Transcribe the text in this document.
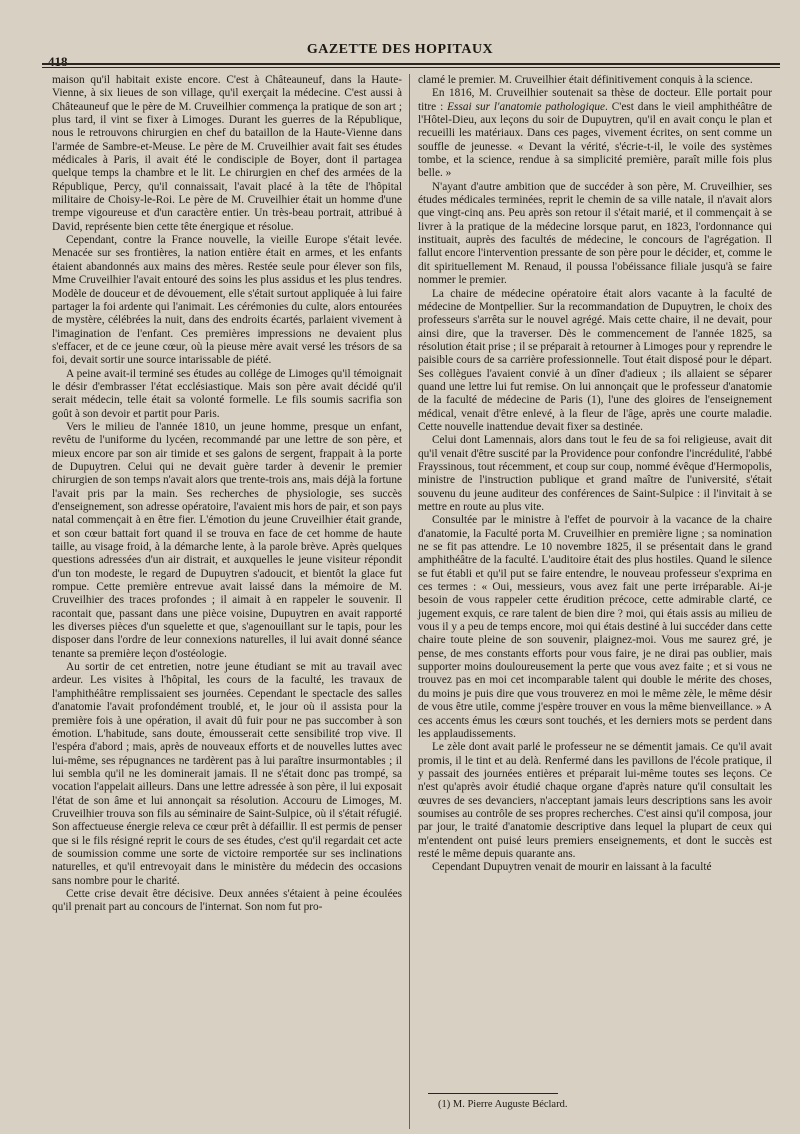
418
GAZETTE DES HOPITAUX

maison qu'il habitait existe encore. C'est à Châteauneuf, dans la Haute-Vienne, à six lieues de son village, qu'il exerçait la médecine. C'est aussi à Châteauneuf que le père de M. Cruveilhier commença la pratique de son art ; plus tard, il vint se fixer à Limoges. Durant les guerres de la République, nous le retrouvons chirurgien en chef du bataillon de la Haute-Vienne dans l'armée de Sambre-et-Meuse. Le père de M. Cruveilhier avait fait ses études médicales à Paris, il avait été le condisciple de Boyer, dont il partagea quelque temps la chambre et le lit. Le chirurgien en chef des armées de la République, Percy, qu'il connaissait, l'avait placé à la tête de l'hôpital militaire de Choisy-le-Roi. Le père de M. Cruveilhier était un homme d'une trempe vigoureuse et d'un caractère entier. Un très-beau portrait, attribué à David, représente bien cette tête énergique et résolue.

Cependant, contre la France nouvelle, la vieille Europe s'était levée. Menacée sur ses frontières, la nation entière était en armes, et les enfants étaient abandonnés aux mains des mères. Restée seule pour élever son fils, Mme Cruveilhier l'avait entouré des soins les plus assidus et les plus tendres. Modèle de douceur et de dévouement, elle s'était surtout appliquée à lui faire partager la foi ardente qui l'animait. Les cérémonies du culte, alors entourées de mystère, célébrées la nuit, dans des endroits écartés, parlaient vivement à l'imagination de l'enfant. Ces premières impressions ne devaient plus s'effacer, et de ce jeune cœur, où la pieuse mère avait versé les trésors de sa foi, devait sortir une source intarissable de piété.

A peine avait-il terminé ses études au collége de Limoges qu'il témoignait le désir d'embrasser l'état ecclésiastique. Mais son père avait décidé qu'il serait médecin, telle était sa volonté formelle. Le fils soumis sacrifia son goût à son devoir et partit pour Paris.

Vers le milieu de l'année 1810, un jeune homme, presque un enfant, revêtu de l'uniforme du lycéen, recommandé par une lettre de son père, et mieux encore par son air timide et ses galons de sergent, frappait à la porte de Dupuytren. Celui qui ne devait guère tarder à devenir le premier chirurgien de son temps n'avait alors que trente-trois ans, mais déjà la fortune l'avait pris par la main. Ses recherches de physiologie, ses succès d'enseignement, son adresse opératoire, l'avaient mis hors de pair, et son pays natal commençait à en être fier. L'émotion du jeune Cruveilhier était grande, et son cœur battait fort quand il se trouva en face de cet homme de haute taille, au visage froid, à la démarche lente, à la parole brève. Après quelques questions adressées d'un air distrait, et auxquelles le jeune visiteur répondit d'un ton modeste, le regard de Dupuytren s'adoucit, et bientôt la glace fut rompue. Cette première entrevue avait laissé dans la mémoire de M. Cruveilhier des traces profondes ; il aimait à en rappeler le souvenir. Il racontait que, passant dans une pièce voisine, Dupuytren en avait rapporté les diverses pièces d'un squelette et que, s'agenouillant sur le tapis, pour les disposer dans l'ordre de leur connexions naturelles, il lui avait donné séance tenante sa première leçon d'ostéologie.

Au sortir de cet entretien, notre jeune étudiant se mit au travail avec ardeur. Les visites à l'hôpital, les cours de la faculté, les travaux de l'amphithéâtre remplissaient ses journées. Cependant le spectacle des salles d'anatomie l'avait profondément troublé, et, le jour où il assista pour la première fois à une opération, il avait dû fuir pour ne pas succomber à son émotion. L'habitude, sans doute, émousserait cette sensibilité trop vive. Il l'espéra d'abord ; mais, après de nouveaux efforts et de nouvelles luttes avec lui-même, ses répugnances ne tardèrent pas à lui paraître insurmontables ; il lui sembla qu'il ne les dominerait jamais. Il ne s'était donc pas trompé, sa vocation l'appelait ailleurs. Dans une lettre adressée à son père, il lui exposait l'état de son âme et lui annonçait sa résolution. Accouru de Limoges, M. Cruveilhier trouva son fils au séminaire de Saint-Sulpice, où il s'était réfugié. Son affectueuse énergie releva ce cœur prêt à défaillir. Il est permis de penser que si le fils résigné reprit le cours de ses études, c'est qu'il regardait cet acte de soumission comme une sorte de victoire remportée sur ses inclinations naturelles, et qu'il entrevoyait dans le ministère du médecin des occasions sans nombre pour le charité.

Cette crise devait être décisive. Deux années s'étaient à peine écoulées qu'il prenait part au concours de l'internat. Son nom fut pro-

clamé le premier. M. Cruveilhier était définitivement conquis à la science.

En 1816, M. Cruveilhier soutenait sa thèse de docteur. Elle portait pour titre : Essai sur l'anatomie pathologique. C'est dans le vieil amphithéâtre de l'Hôtel-Dieu, aux leçons du soir de Dupuytren, qu'il en avait conçu le plan et recueilli les matériaux. Dans ces pages, vivement écrites, on sent comme un souffle de jeunesse. « Devant la vérité, s'écrie-t-il, le voile des systèmes tombe, et la science, rendue à sa simplicité première, paraît mille fois plus belle. »

N'ayant d'autre ambition que de succéder à son père, M. Cruveilhier, ses études médicales terminées, reprit le chemin de sa ville natale, il n'avait alors que vingt-cinq ans. Peu après son retour il s'était marié, et il commençait à se livrer à la pratique de la médecine lorsque parut, en 1823, l'ordonnance qui instituait, auprès des facultés de médecine, le concours de l'agrégation. Il fallut encore l'intervention pressante de son père pour le décider, et, comme le dit spirituellement M. Renaud, il poussa l'obéissance filiale jusqu'à se faire nommer le premier.

La chaire de médecine opératoire était alors vacante à la faculté de médecine de Montpellier. Sur la recommandation de Dupuytren, le choix des professeurs s'arrêta sur le nouvel agrégé. Mais cette chaire, il ne devait, pour ainsi dire, que la traverser. Dès le commencement de l'année 1825, sa résolution était prise ; il se préparait à retourner à Limoges pour y reprendre le paisible cours de sa carrière professionnelle. Tout était disposé pour le départ. Ses collègues l'avaient convié à un dîner d'adieux ; ils allaient se séparer quand une lettre lui fut remise. On lui annonçait que le professeur d'anatomie de la faculté de médecine de Paris (1), l'une des gloires de l'enseignement médical, venait d'être enlevé, à la fleur de l'âge, après une courte maladie. Cette nouvelle inattendue devait fixer sa destinée.

Celui dont Lamennais, alors dans tout le feu de sa foi religieuse, avait dit qu'il venait d'être suscité par la Providence pour confondre l'incrédulité, l'abbé Frayssinous, tout récemment, et coup sur coup, nommé évêque d'Hermopolis, ministre de l'instruction publique et grand maître de l'université, s'était souvenu du jeune auditeur des conférences de Saint-Sulpice : il l'invitait à se mettre en route au plus vite.

Consultée par le ministre à l'effet de pourvoir à la vacance de la chaire d'anatomie, la Faculté porta M. Cruveilhier en première ligne ; sa nomination ne se fit pas attendre. Le 10 novembre 1825, il se présentait dans le grand amphithéâtre de la faculté. L'auditoire était des plus hostiles. Quand le silence se fut établi et qu'il put se faire entendre, le nouveau professeur s'exprima en ces termes : « Oui, messieurs, vous avez fait une perte irréparable. Ai-je besoin de vous rappeler cette érudition précoce, cette admirable clarté, ce jugement exquis, ce rare talent de bien dire ? moi, qui étais assis au milieu de vous il y a peu de temps encore, moi qui étais destiné à lui succéder dans cette chaire toute pleine de son souvenir, plaignez-moi. Vous me saurez gré, je pense, de mes constants efforts pour vous faire, je ne dirai pas oublier, mais supporter moins douloureusement la perte que vous avez faite ; et si vous ne trouvez pas en moi cet incomparable talent qui double le mérite des choses, du moins je puis dire que vous trouverez en moi le même zèle, le même désir de vous être utile, comme j'espère trouver en vous la même bienveillance. » A ces accents émus les cœurs sont touchés, et les derniers mots se perdent dans les applaudissements.

Le zèle dont avait parlé le professeur ne se démentit jamais. Ce qu'il avait promis, il le tint et au delà. Renfermé dans les pavillons de l'école pratique, il y passait des journées entières et préparait lui-même toutes ses leçons. Ce n'est qu'après avoir étudié chaque organe d'après nature qu'il consultait les œuvres de ses devanciers, n'acceptant jamais leurs descriptions sans les avoir soumises au contrôle de ses propres recherches. C'est ainsi qu'il composa, jour par jour, le traité d'anatomie descriptive dans lequel la plupart de ceux qui m'entendent ont puisé leurs premiers enseignements, et dont le succès est resté le même depuis quarante ans.

Cependant Dupuytren venait de mourir en laissant à la faculté

(1) M. Pierre Auguste Béclard.
